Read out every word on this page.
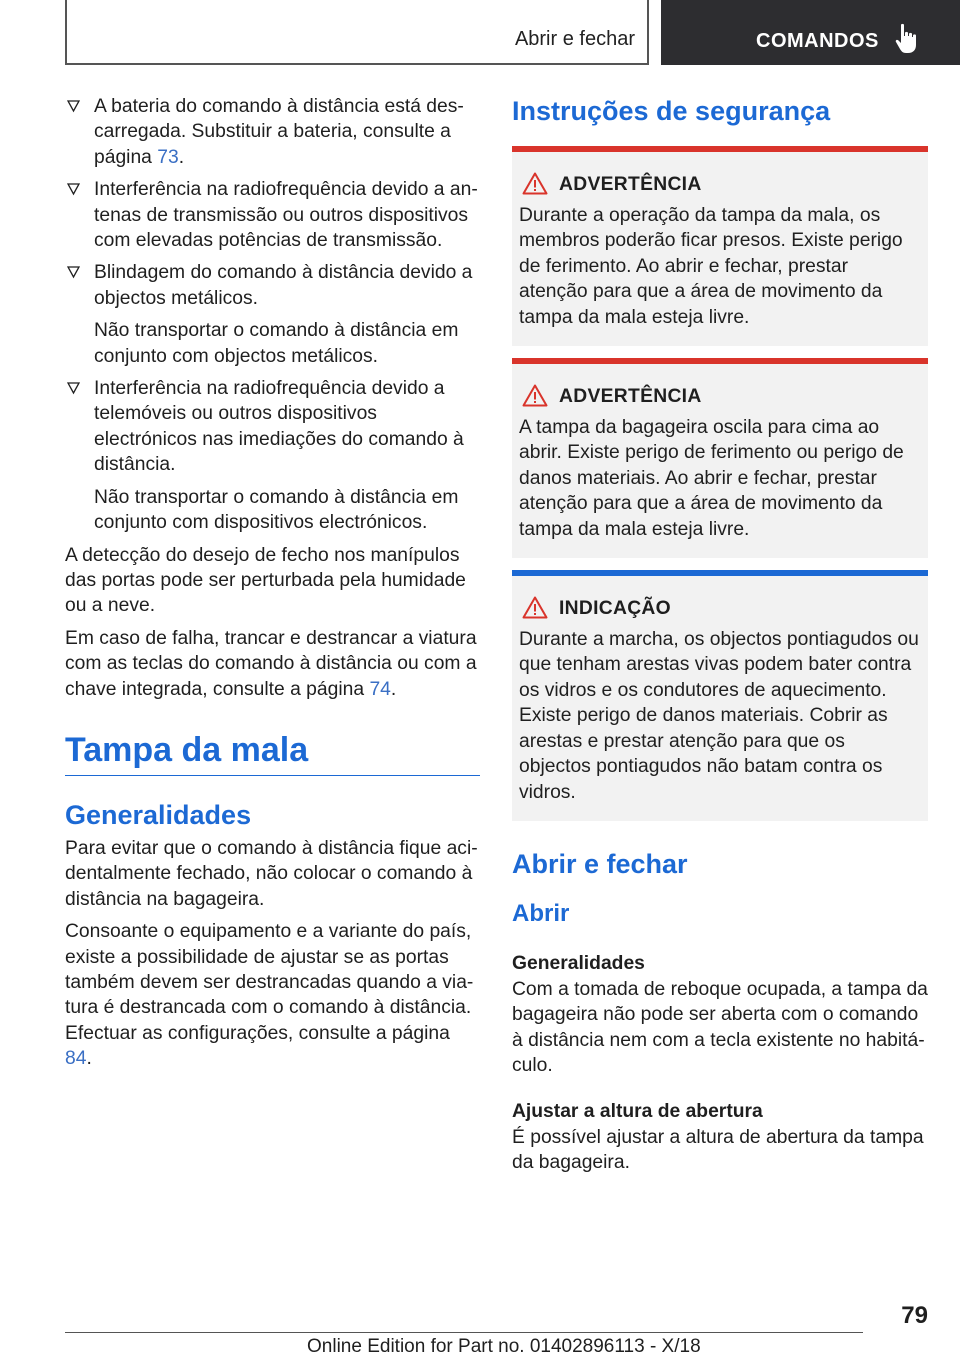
Abrir e fechar	COMANDOS
A bateria do comando à distância está descarregada. Substituir a bateria, consulte a página 73.
Interferência na radiofrequência devido a antenas de transmissão ou outros dispositivos com elevadas potências de transmissão.
Blindagem do comando à distância devido a objectos metálicos.
Não transportar o comando à distância em conjunto com objectos metálicos.
Interferência na radiofrequência devido a telemóveis ou outros dispositivos electrónicos nas imediações do comando à distância.
Não transportar o comando à distância em conjunto com dispositivos electrónicos.

A detecção do desejo de fecho nos manípulos das portas pode ser perturbada pela humidade ou a neve.

Em caso de falha, trancar e destrancar a viatura com as teclas do comando à distância ou com a chave integrada, consulte a página 74.

Tampa da mala
Generalidades

Para evitar que o comando à distância fique acidentalmente fechado, não colocar o comando à distância na bagageira.

Consoante o equipamento e a variante do país, existe a possibilidade de ajustar se as portas também devem ser destrancadas quando a viatura é destrancada com o comando à distância. Efectuar as configurações, consulte a página 84.

Instruções de segurança
ADVERTÊNCIA
Durante a operação da tampa da mala, os membros poderão ficar presos. Existe perigo de ferimento. Ao abrir e fechar, prestar atenção para que a área de movimento da tampa da mala esteja livre.
ADVERTÊNCIA
A tampa da bagageira oscila para cima ao abrir. Existe perigo de ferimento ou perigo de danos materiais. Ao abrir e fechar, prestar atenção para que a área de movimento da tampa da mala esteja livre.
INDICAÇÃO
Durante a marcha, os objectos pontiagudos ou que tenham arestas vivas podem bater contra os vidros e os condutores de aquecimento. Existe perigo de danos materiais. Cobrir as arestas e prestar atenção para que os objectos pontiagudos não batam contra os vidros.
Abrir e fechar
Abrir
Generalidades

Com a tomada de reboque ocupada, a tampa da bagageira não pode ser aberta com o comando à distância nem com a tecla existente no habitáculo.

Ajustar a altura de abertura

É possível ajustar a altura de abertura da tampa da bagageira.

79
Online Edition for Part no. 01402896113 - X/18
